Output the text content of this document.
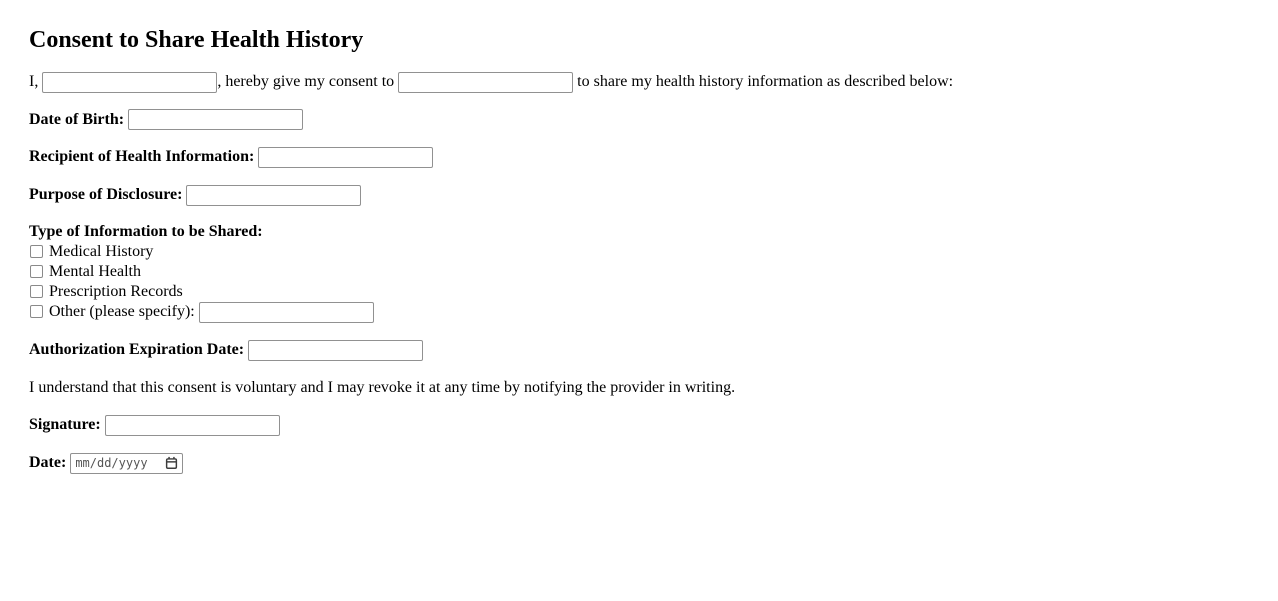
Consent to Share Health History

I,	, hereby give my consent to	to share my health history information as described below:

Date of Birth:

Recipient of Health Information:

Purpose of Disclosure:

Type of Information to be Shared:
Medical History
Mental Health
Prescription Records
Other (please specify):

Authorization Expiration Date:

I understand that this consent is voluntary and I may revoke it at any time by notifying the provider in writing.

Signature:

Date: mm/dd/yyyy
